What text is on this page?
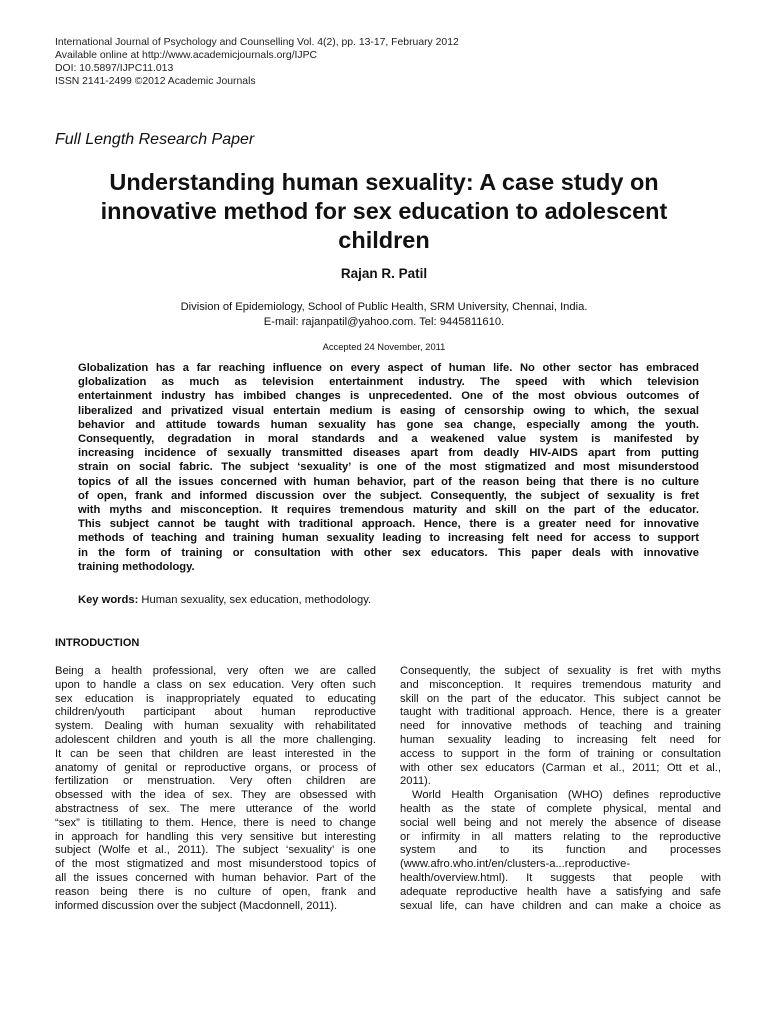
International Journal of Psychology and Counselling Vol. 4(2), pp. 13-17, February 2012
Available online at http://www.academicjournals.org/IJPC
DOI: 10.5897/IJPC11.013
ISSN 2141-2499 ©2012 Academic Journals
Full Length Research Paper
Understanding human sexuality: A case study on
innovative method for sex education to adolescent
children
Rajan R. Patil
Division of Epidemiology, School of Public Health, SRM University, Chennai, India.
E-mail: rajanpatil@yahoo.com. Tel: 9445811610.
Accepted 24 November, 2011
Globalization has a far reaching influence on every aspect of human life. No other sector has embraced
globalization as much as television entertainment industry. The speed with which television
entertainment industry has imbibed changes is unprecedented. One of the most obvious outcomes of
liberalized and privatized visual entertain medium is easing of censorship owing to which, the sexual
behavior and attitude towards human sexuality has gone sea change, especially among the youth.
Consequently, degradation in moral standards and a weakened value system is manifested by
increasing incidence of sexually transmitted diseases apart from deadly HIV-AIDS apart from putting
strain on social fabric. The subject ‘sexuality’ is one of the most stigmatized and most misunderstood
topics of all the issues concerned with human behavior, part of the reason being that there is no culture
of open, frank and informed discussion over the subject. Consequently, the subject of sexuality is fret
with myths and misconception. It requires tremendous maturity and skill on the part of the educator.
This subject cannot be taught with traditional approach. Hence, there is a greater need for innovative
methods of teaching and training human sexuality leading to increasing felt need for access to support
in the form of training or consultation with other sex educators. This paper deals with innovative
training methodology.
Key words: Human sexuality, sex education, methodology.
INTRODUCTION
Being a health professional, very often we are called
upon to handle a class on sex education. Very often such
sex education is inappropriately equated to educating
children/youth participant about human reproductive
system. Dealing with human sexuality with rehabilitated
adolescent children and youth is all the more challenging.
It can be seen that children are least interested in the
anatomy of genital or reproductive organs, or process of
fertilization or menstruation. Very often children are
obsessed with the idea of sex. They are obsessed with
abstractness of sex. The mere utterance of the world
“sex” is titillating to them. Hence, there is need to change
in approach for handling this very sensitive but interesting
subject (Wolfe et al., 2011). The subject ‘sexuality’ is one
of the most stigmatized and most misunderstood topics of
all the issues concerned with human behavior. Part of the
reason being there is no culture of open, frank and
informed discussion over the subject (Macdonnell, 2011).
Consequently, the subject of sexuality is fret with myths
and misconception. It requires tremendous maturity and
skill on the part of the educator. This subject cannot be
taught with traditional approach. Hence, there is a greater
need for innovative methods of teaching and training
human sexuality leading to increasing felt need for
access to support in the form of training or consultation
with other sex educators (Carman et al., 2011; Ott et al.,
2011).
World Health Organisation (WHO) defines reproductive
health as the state of complete physical, mental and
social well being and not merely the absence of disease
or infirmity in all matters relating to the reproductive
system and to its function and processes
(www.afro.who.int/en/clusters-a...reproductive-
health/overview.html). It suggests that people with
adequate reproductive health have a satisfying and safe
sexual life, can have children and can make a choice as
